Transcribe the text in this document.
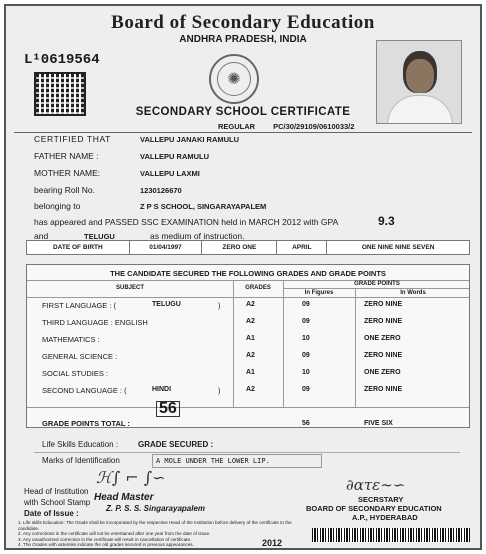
Board of Secondary Education
ANDHRA PRADESH, INDIA
L¹0619564
✺
SECONDARY SCHOOL CERTIFICATE
REGULAR PC/30/29109/0610033/2
CERTIFIED THAT	VALLEPU JANAKI RAMULU
FATHER NAME :	VALLEPU RAMULU
MOTHER NAME:	VALLEPU LAXMI
bearing Roll No.	1230126670
belonging to	Z P S SCHOOL, SINGARAYAPALEM
has appeared and PASSED SSC EXAMINATION held in MARCH 2012 with GPA	9.3
and	TELUGU	as medium of instruction.
DATE OF BIRTH	01/04/1997	ZERO ONE	APRIL	ONE NINE NINE SEVEN
THE CANDIDATE SECURED THE FOLLOWING GRADES AND GRADE POINTS
SUBJECT	GRADES
GRADE POINTS
In Figures	In Words
FIRST LANGUAGE : (	TELUGU	)	A2	09	ZERO NINE
THIRD LANGUAGE : ENGLISH	A2	09	ZERO NINE
MATHEMATICS :	A1	10	ONE ZERO
GENERAL SCIENCE :	A2	09	ZERO NINE
SOCIAL STUDIES :	A1	10	ONE ZERO
SECOND LANGUAGE : (	HINDI	)	A2	09	ZERO NINE
GRADE POINTS TOTAL :
56
56	FIVE SIX
Life Skills Education : GRADE SECURED :
Marks of Identification	A MOLE UNDER THE LOWER LIP.
ℋ∫ ⌐ ∫∽	∂ατε∼∽
Head of Institution
with School Stamp Head Master
Z. P. S. S. Singarayapalem
Date of Issue :
SECRSTARY
BOARD OF SECONDARY EDUCATION
A.P., HYDERABAD
1. Life skills Education: The Grade shall be incorporated by the respective Head of the Institution before delivery of the certificate to the candidate.
2. Any corrections in the certificate will not be entertained after one year from the date of issue.
3. Any unauthorized correction in the certificate will result in cancellation of certificate.
4. The Grades with asterisks indicate the old grades secured in previous appearances.	2012
